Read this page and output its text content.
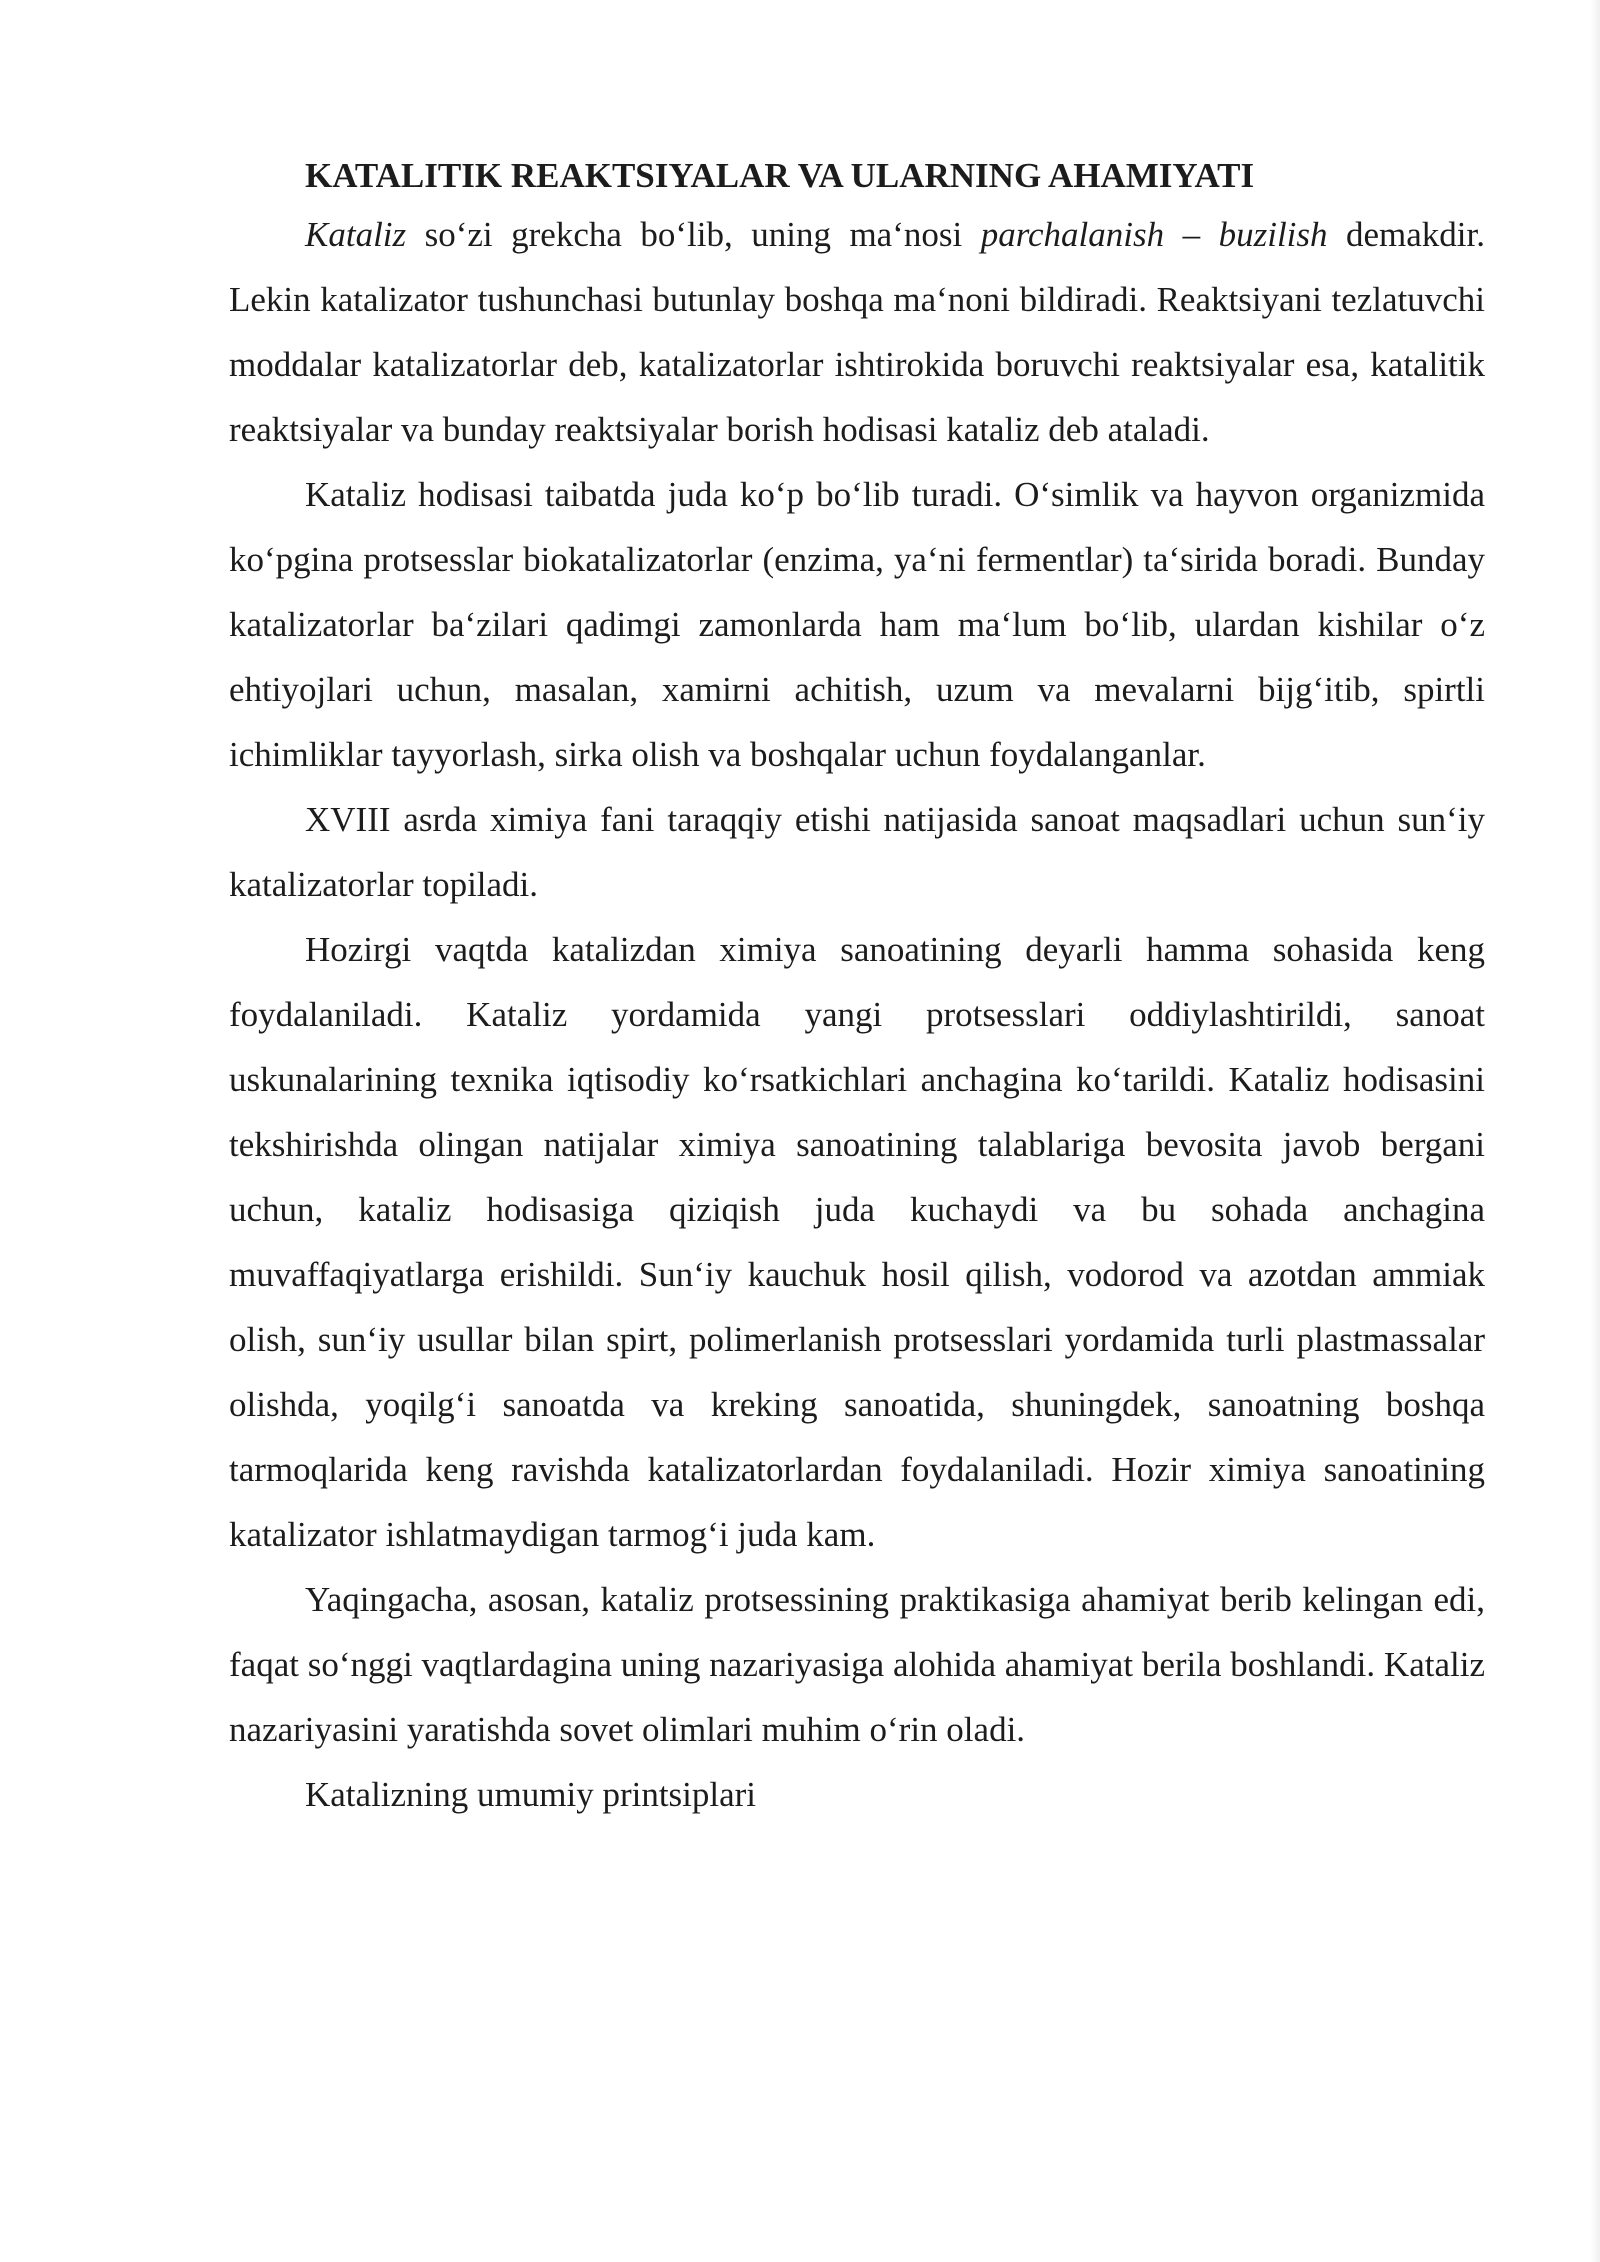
KATALITIK REAKTSIYALAR VA ULARNING AHAMIYATI

Kataliz so‘zi grekcha bo‘lib, uning ma‘nosi parchalanish – buzilish demakdir. Lekin katalizator tushunchasi butunlay boshqa ma‘noni bildiradi. Reaktsiyani tezlatuvchi moddalar katalizatorlar deb, katalizatorlar ishtirokida boruvchi reaktsiyalar esa, katalitik reaktsiyalar va bunday reaktsiyalar borish hodisasi kataliz deb ataladi.

Kataliz hodisasi taibatda juda ko‘p bo‘lib turadi. O‘simlik va hayvon organizmida ko‘pgina protsesslar biokatalizatorlar (enzima, ya‘ni fermentlar) ta‘sirida boradi. Bunday katalizatorlar ba‘zilari qadimgi zamonlarda ham ma‘lum bo‘lib, ulardan kishilar o‘z ehtiyojlari uchun, masalan, xamirni achitish, uzum va mevalarni bijg‘itib, spirtli ichimliklar tayyorlash, sirka olish va boshqalar uchun foydalanganlar.

XVIII asrda ximiya fani taraqqiy etishi natijasida sanoat maqsadlari uchun sun‘iy katalizatorlar topiladi.

Hozirgi vaqtda katalizdan ximiya sanoatining deyarli hamma sohasida keng foydalaniladi. Kataliz yordamida yangi protsesslari oddiylashtirildi, sanoat uskunalarining texnika iqtisodiy ko‘rsatkichlari anchagina ko‘tarildi. Kataliz hodisasini tekshirishda olingan natijalar ximiya sanoatining talablariga bevosita javob bergani uchun, kataliz hodisasiga qiziqish juda kuchaydi va bu sohada anchagina muvaffaqiyatlarga erishildi. Sun‘iy kauchuk hosil qilish, vodorod va azotdan ammiak olish, sun‘iy usullar bilan spirt, polimerlanish protsesslari yordamida turli plastmassalar olishda, yoqilg‘i sanoatda va kreking sanoatida, shuningdek, sanoatning boshqa tarmoqlarida keng ravishda katalizatorlardan foydalaniladi. Hozir ximiya sanoatining katalizator ishlatmaydigan tarmog‘i juda kam.

Yaqingacha, asosan, kataliz protsessining praktikasiga ahamiyat berib kelingan edi, faqat so‘nggi vaqtlardagina uning nazariyasiga alohida ahamiyat berila boshlandi. Kataliz nazariyasini yaratishda sovet olimlari muhim o‘rin oladi.

Katalizning umumiy printsiplari
